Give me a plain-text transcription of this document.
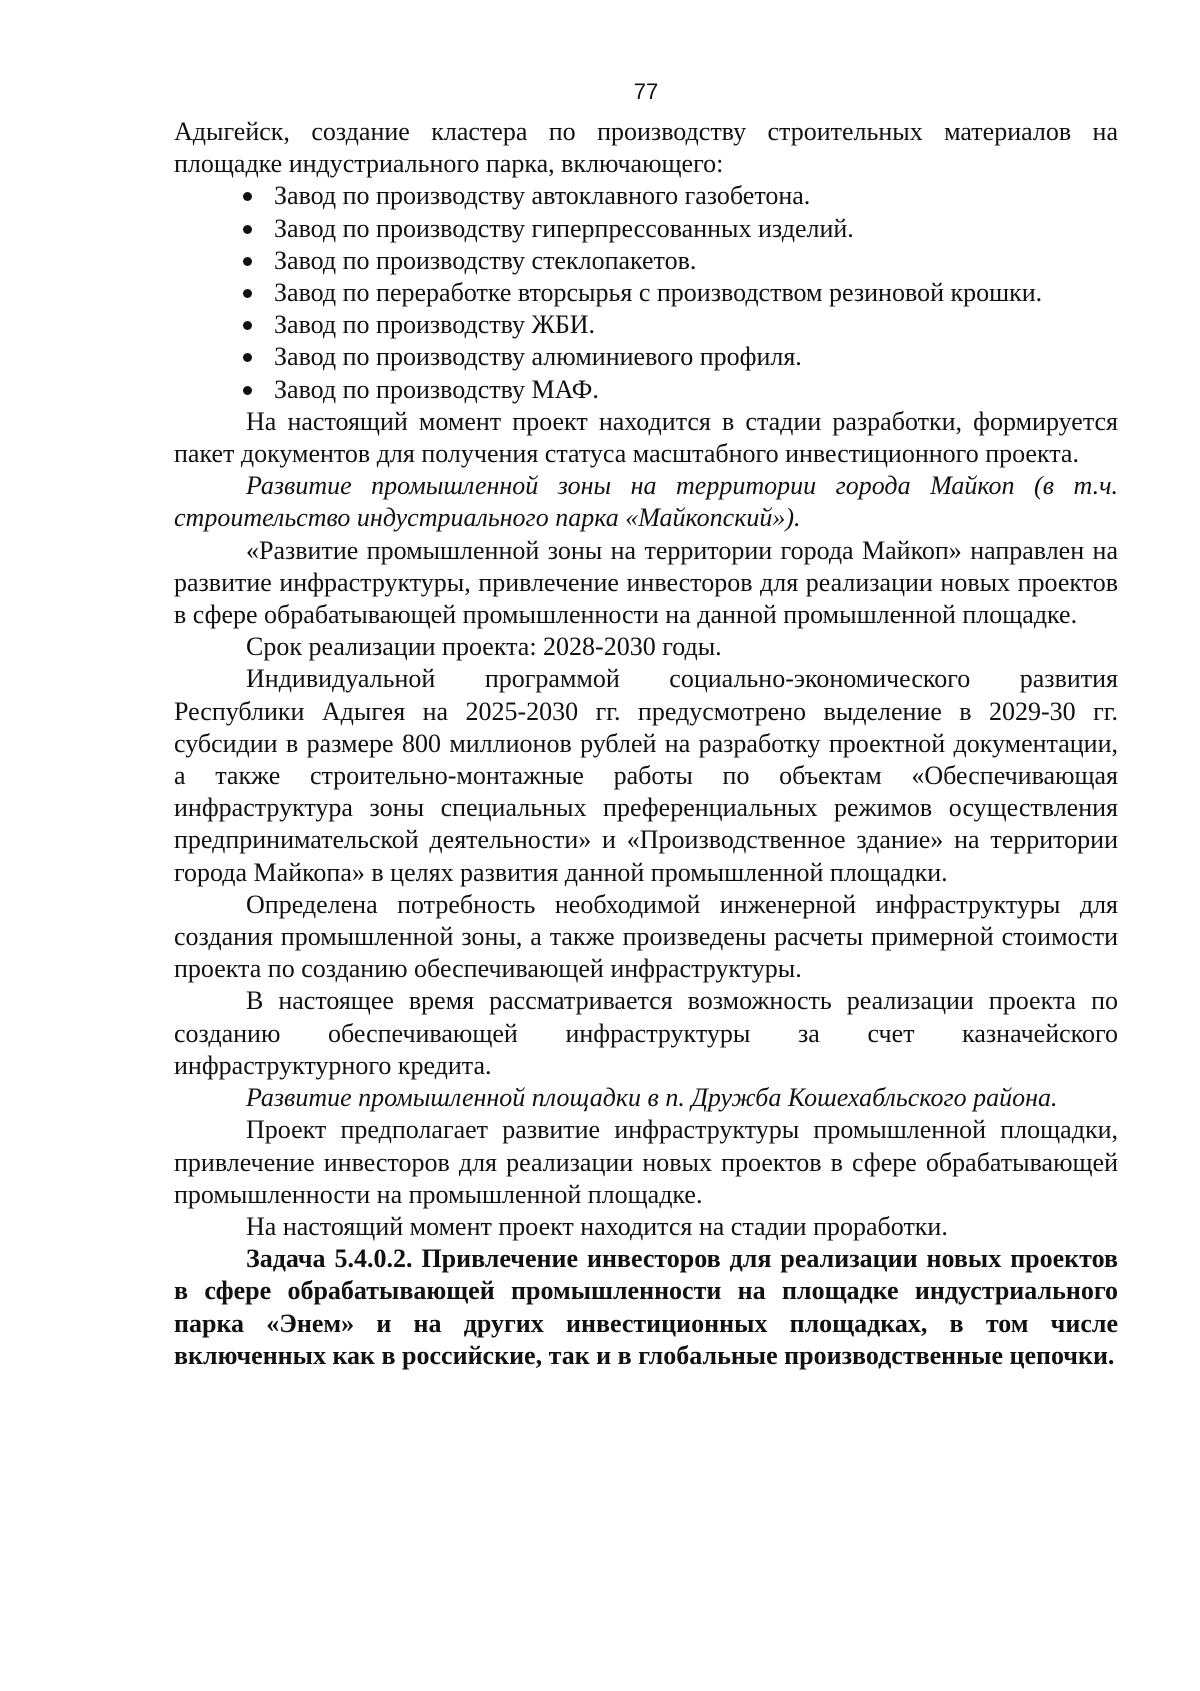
77

Адыгейск, создание кластера по производству строительных материалов на площадке индустриального парка, включающего:

Завод по производству автоклавного газобетона.
Завод по производству гиперпрессованных изделий.
Завод по производству стеклопакетов.
Завод по переработке вторсырья с производством резиновой крошки.
Завод по производству ЖБИ.
Завод по производству алюминиевого профиля.
Завод по производству МАФ.

На настоящий момент проект находится в стадии разработки, формируется пакет документов для получения статуса масштабного инвестиционного проекта.

Развитие промышленной зоны на территории города Майкоп (в т.ч. строительство индустриального парка «Майкопский»).

«Развитие промышленной зоны на территории города Майкоп» направлен на развитие инфраструктуры, привлечение инвесторов для реализации новых проектов в сфере обрабатывающей промышленности на данной промышленной площадке.

Срок реализации проекта: 2028-2030 годы.

Индивидуальной программой социально-экономического развития Республики Адыгея на 2025-2030 гг. предусмотрено выделение в 2029-30 гг. субсидии в размере 800 миллионов рублей на разработку проектной документации, а также строительно-монтажные работы по объектам «Обеспечивающая инфраструктура зоны специальных преференциальных режимов осуществления предпринимательской деятельности» и «Производственное здание» на территории города Майкопа» в целях развития данной промышленной площадки.

Определена потребность необходимой инженерной инфраструктуры для создания промышленной зоны, а также произведены расчеты примерной стоимости проекта по созданию обеспечивающей инфраструктуры.

В настоящее время рассматривается возможность реализации проекта по созданию обеспечивающей инфраструктуры за счет казначейского инфраструктурного кредита.

Развитие промышленной площадки в п. Дружба Кошехабльского района.

Проект предполагает развитие инфраструктуры промышленной площадки, привлечение инвесторов для реализации новых проектов в сфере обрабатывающей промышленности на промышленной площадке.

На настоящий момент проект находится на стадии проработки.

Задача 5.4.0.2. Привлечение инвесторов для реализации новых проектов в сфере обрабатывающей промышленности на площадке индустриального парка «Энем» и на других инвестиционных площадках, в том числе включенных как в российские, так и в глобальные производственные цепочки.
